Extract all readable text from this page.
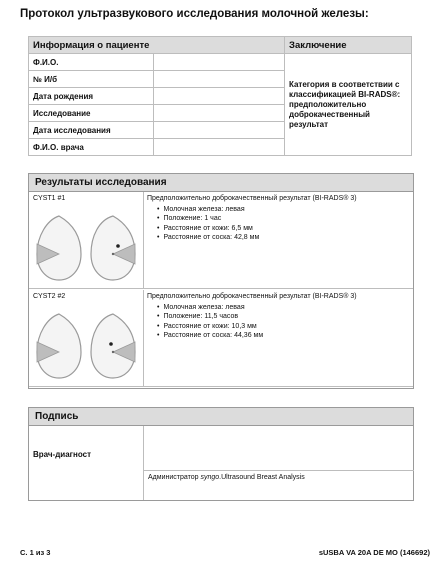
Протокол ультразвукового исследования молочной железы:
Информация о пациенте		Заключение
Ф.И.О.		Категория в соответствии с классификацией BI-RADS®: предположительно доброкачественный результат
№ И/б		
Дата рождения		
Исследование		
Дата исследования		
Ф.И.О. врача		
Результаты исследования
CYST1 #1	Предположительно доброкачественный результат (BI-RADS® 3)
• Молочная железа: левая
• Положение: 1 час
• Расстояние от кожи: 6,5 мм
• Расстояние от соска: 42,8 мм
CYST2 #2	Предположительно доброкачественный результат (BI-RADS® 3)
• Молочная железа: левая
• Положение: 11,5 часов
• Расстояние от кожи: 10,3 мм
• Расстояние от соска: 44,36 мм
Подпись
Врач-диагност
Администратор syngo.Ultrasound Breast Analysis
С. 1 из 3	sUSBA VA 20A DE MO (146692)
